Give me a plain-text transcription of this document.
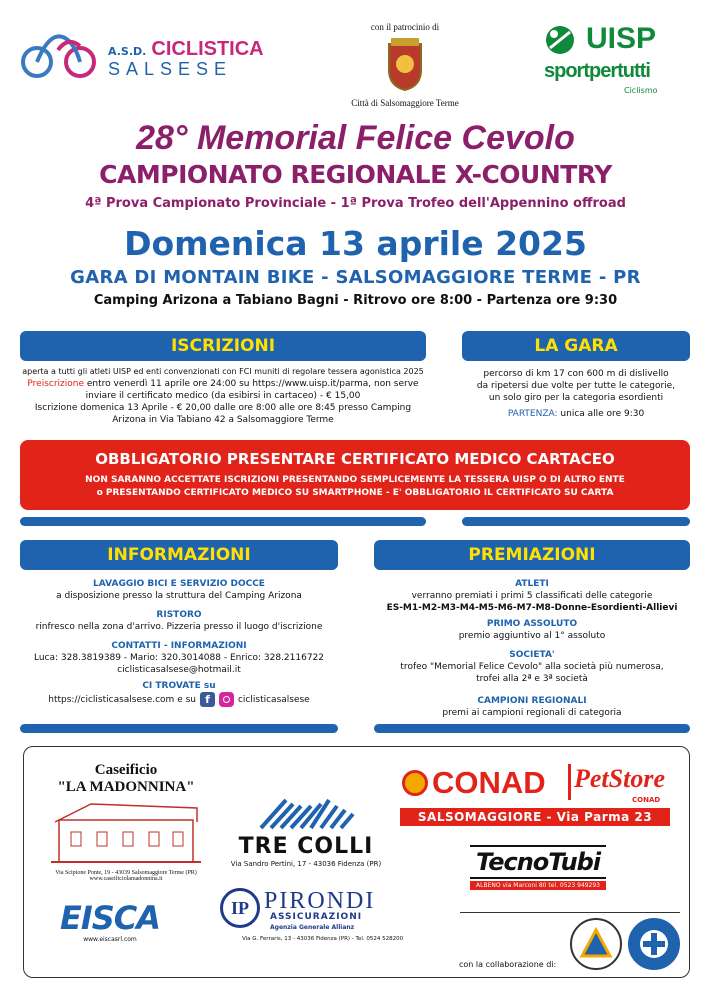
A.S.D. CICLISTICA
SALSESE
con il patrocinio di
Città di Salsomaggiore Terme
UISP
sportpertutti
Ciclismo
28° Memorial Felice Cevolo
CAMPIONATO REGIONALE X-COUNTRY
4ª Prova Campionato Provinciale - 1ª Prova Trofeo dell'Appennino offroad
Domenica 13 aprile 2025
GARA DI MONTAIN BIKE - SALSOMAGGIORE TERME - PR
Camping Arizona a Tabiano Bagni - Ritrovo ore 8:00 - Partenza ore 9:30
ISCRIZIONI
aperta a tutti gli atleti UISP ed enti convenzionati con FCI muniti di regolare tessera agonistica 2025
Preiscrizione entro venerdì 11 aprile ore 24:00 su https://www.uisp.it/parma, non serve
inviare il certificato medico (da esibirsi in cartaceo) - € 15,00
Iscrizione domenica 13 Aprile - € 20,00 dalle ore 8:00 alle ore 8:45 presso Camping
Arizona in Via Tabiano 42 a Salsomaggiore Terme
LA GARA
percorso di km 17 con 600 m di dislivello
da ripetersi due volte per tutte le categorie,
un solo giro per la categoria esordienti
PARTENZA: unica alle ore 9:30
OBBLIGATORIO PRESENTARE CERTIFICATO MEDICO CARTACEO
NON SARANNO ACCETTATE ISCRIZIONI PRESENTANDO SEMPLICEMENTE LA TESSERA UISP O DI ALTRO ENTE
o PRESENTANDO CERTIFICATO MEDICO SU SMARTPHONE - E' OBBLIGATORIO IL CERTIFICATO SU CARTA
INFORMAZIONI
LAVAGGIO BICI E SERVIZIO DOCCE
a disposizione presso la struttura del Camping Arizona
RISTORO
rinfresco nella zona d'arrivo. Pizzeria presso il luogo d'iscrizione
CONTATTI - INFORMAZIONI
Luca: 328.3819389 - Mario: 320.3014088 - Enrico: 328.2116722
ciclisticasalsese@hotmail.it
CI TROVATE su
https://ciclisticasalsese.com e su f	ciclisticasalsese
PREMIAZIONI
ATLETI
verranno premiati i primi 5 classificati delle categorie
ES-M1-M2-M3-M4-M5-M6-M7-M8-Donne-Esordienti-Allievi
PRIMO ASSOLUTO
premio aggiuntivo al 1° assoluto
SOCIETA'
trofeo "Memorial Felice Cevolo" alla società più numerosa,
trofei alla 2ª e 3ª società
CAMPIONI REGIONALI
premi ai campioni regionali di categoria
Caseificio
"LA MADONNINA"
Via Scipione Ponte, 19 - 43039 Salsomaggiore Terme (PR)
www.caseificiolamadonnina.it
TRE COLLI
Via Sandro Pertini, 17 - 43036 Fidenza (PR)
CONAD PetStore
CONAD
SALSOMAGGIORE - Via Parma 23
TecnoTubi
ALBENO via Marconi 80 tel. 0523 949293
EISCA
www.eiscasrl.com
IP PIRONDI
ASSICURAZIONI
Agenzia Generale Allianz
Via G. Ferraris, 13 - 43036 Fidenza (PR) - Tel. 0524 528200
con la collaborazione di:
